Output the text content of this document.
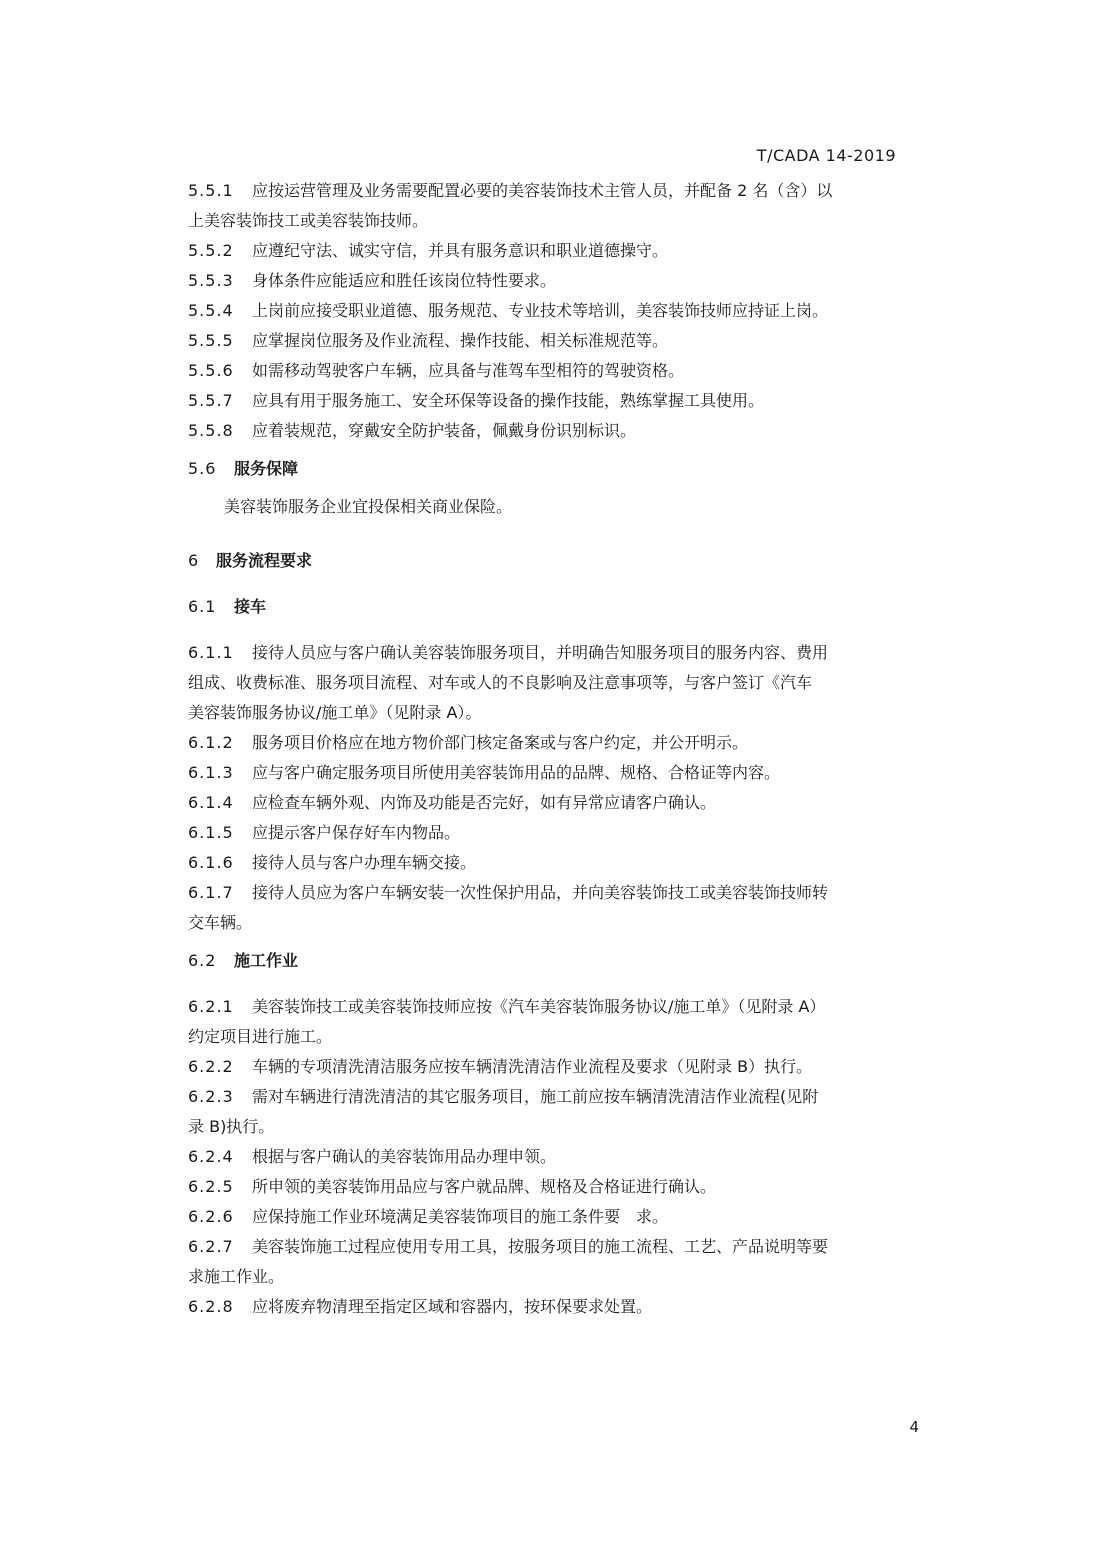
T/CADA 14-2019
5.5.1 应按运营管理及业务需要配置必要的美容装饰技术主管人员，并配备 2 名（含）以
上美容装饰技工或美容装饰技师。
5.5.2 应遵纪守法、诚实守信，并具有服务意识和职业道德操守。
5.5.3 身体条件应能适应和胜任该岗位特性要求。
5.5.4 上岗前应接受职业道德、服务规范、专业技术等培训，美容装饰技师应持证上岗。
5.5.5 应掌握岗位服务及作业流程、操作技能、相关标准规范等。
5.5.6 如需移动驾驶客户车辆，应具备与准驾车型相符的驾驶资格。
5.5.7 应具有用于服务施工、安全环保等设备的操作技能，熟练掌握工具使用。
5.5.8 应着装规范，穿戴安全防护装备，佩戴身份识别标识。
5.6 服务保障
美容装饰服务企业宜投保相关商业保险。
6 服务流程要求
6.1 接车
6.1.1 接待人员应与客户确认美容装饰服务项目，并明确告知服务项目的服务内容、费用
组成、收费标准、服务项目流程、对车或人的不良影响及注意事项等，与客户签订《汽车
美容装饰服务协议/施工单》（见附录 A）。
6.1.2 服务项目价格应在地方物价部门核定备案或与客户约定，并公开明示。
6.1.3 应与客户确定服务项目所使用美容装饰用品的品牌、规格、合格证等内容。
6.1.4 应检查车辆外观、内饰及功能是否完好，如有异常应请客户确认。
6.1.5 应提示客户保存好车内物品。
6.1.6 接待人员与客户办理车辆交接。
6.1.7 接待人员应为客户车辆安装一次性保护用品，并向美容装饰技工或美容装饰技师转
交车辆。
6.2 施工作业
6.2.1 美容装饰技工或美容装饰技师应按《汽车美容装饰服务协议/施工单》（见附录 A）
约定项目进行施工。
6.2.2 车辆的专项清洗清洁服务应按车辆清洗清洁作业流程及要求（见附录 B）执行。
6.2.3 需对车辆进行清洗清洁的其它服务项目，施工前应按车辆清洗清洁作业流程(见附
录 B)执行。
6.2.4 根据与客户确认的美容装饰用品办理申领。
6.2.5 所申领的美容装饰用品应与客户就品牌、规格及合格证进行确认。
6.2.6 应保持施工作业环境满足美容装饰项目的施工条件要　求。
6.2.7 美容装饰施工过程应使用专用工具，按服务项目的施工流程、工艺、产品说明等要
求施工作业。
6.2.8 应将废弃物清理至指定区域和容器内，按环保要求处置。
4
